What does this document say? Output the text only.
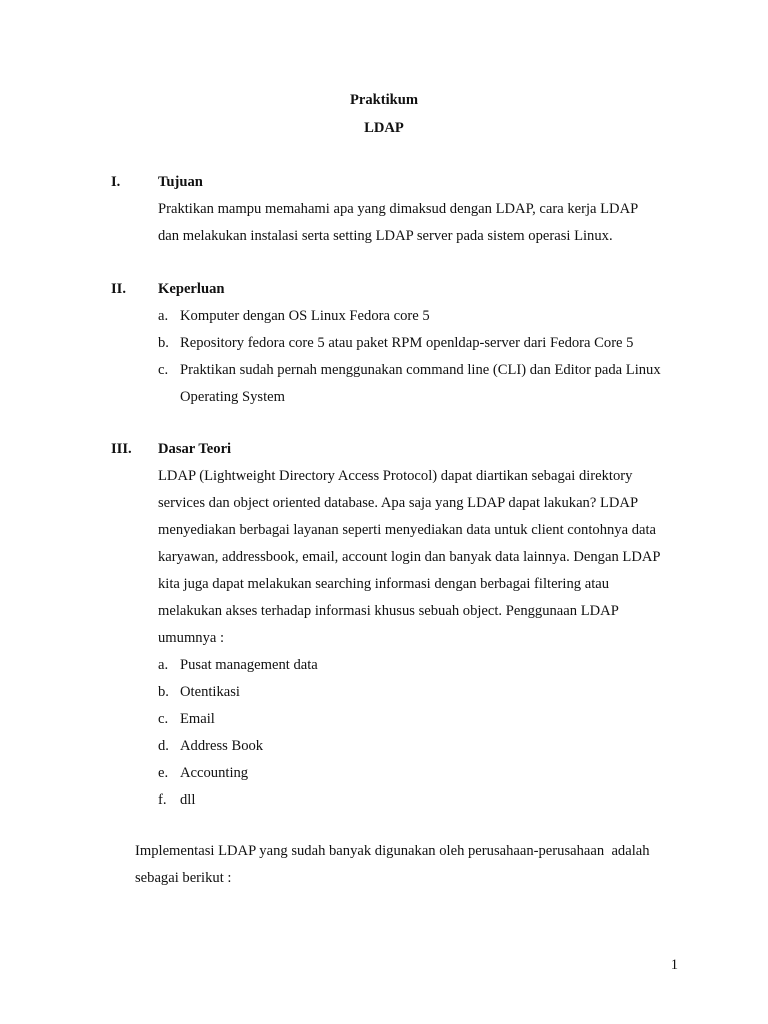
Praktikum
LDAP
I.	Tujuan

Praktikan mampu memahami apa yang dimaksud dengan LDAP, cara kerja LDAP

dan melakukan instalasi serta setting LDAP server pada sistem operasi Linux.

II. Keperluan
a. Komputer dengan OS Linux Fedora core 5
b. Repository fedora core 5 atau paket RPM openldap-server dari Fedora Core 5
c. Praktikan sudah pernah menggunakan command line (CLI) dan Editor pada Linux
Operating System
III. Dasar Teori

LDAP (Lightweight Directory Access Protocol) dapat diartikan sebagai direktory

services dan object oriented database. Apa saja yang LDAP dapat lakukan? LDAP

menyediakan berbagai layanan seperti menyediakan data untuk client contohnya data

karyawan, addressbook, email, account login dan banyak data lainnya. Dengan LDAP

kita juga dapat melakukan searching informasi dengan berbagai filtering atau

melakukan akses terhadap informasi khusus sebuah object. Penggunaan LDAP

umumnya :

a. Pusat management data
b. Otentikasi
c. Email
d. Address Book
e. Accounting
f. dll
Implementasi LDAP yang sudah banyak digunakan oleh perusahaan-perusahaan  adalah
sebagai berikut :
1
